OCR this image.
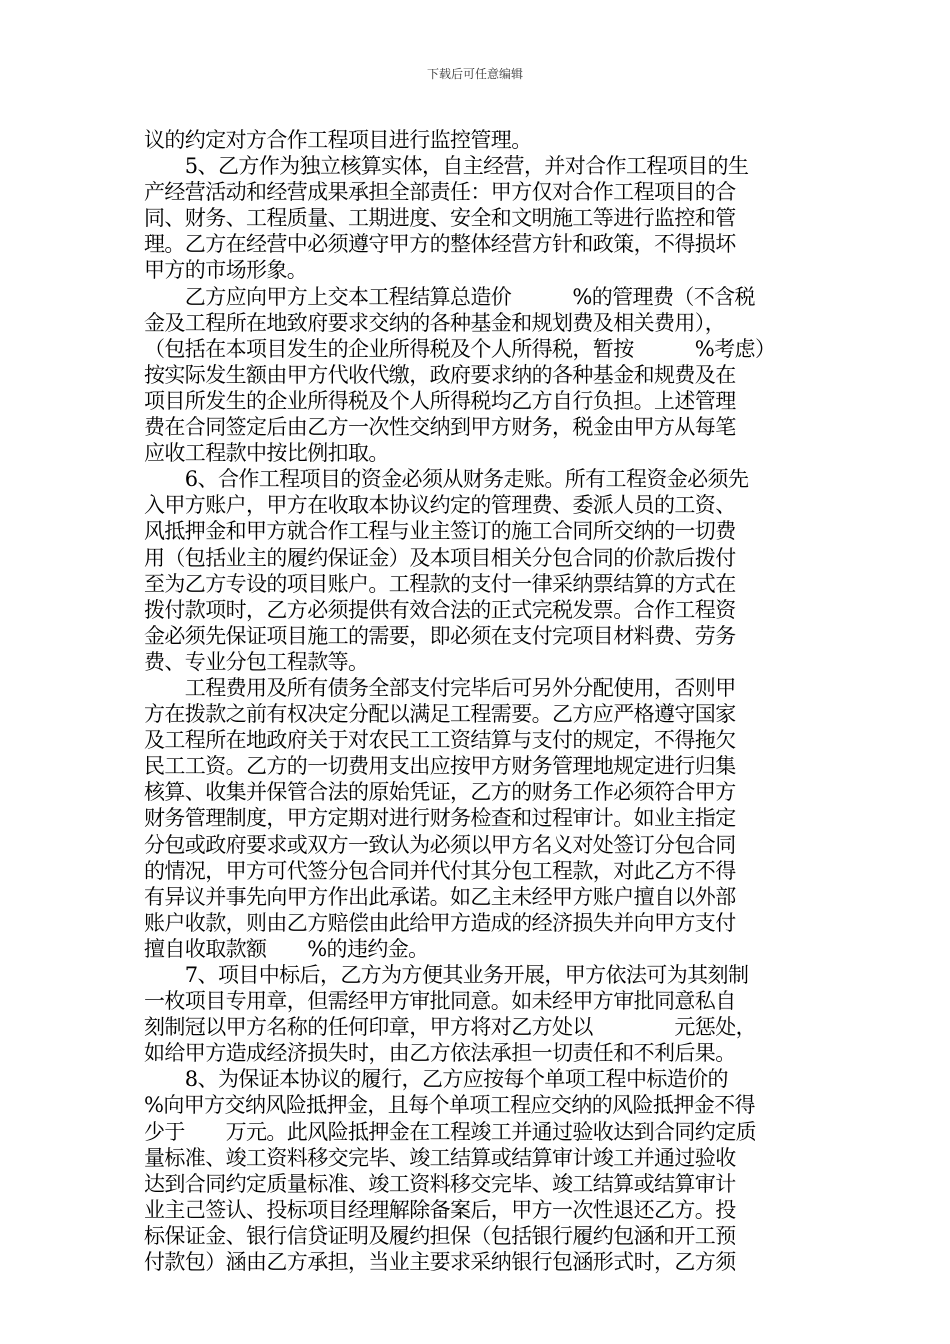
下载后可任意编辑
议的约定对方合作工程项目进行监控管理。
　　5、乙方作为独立核算实体，自主经营，并对合作工程项目的生
产经营活动和经营成果承担全部责任：甲方仅对合作工程项目的合
同、财务、工程质量、工期进度、安全和文明施工等进行监控和管
理。乙方在经营中必须遵守甲方的整体经营方针和政策，不得损坏
甲方的市场形象。
　　乙方应向甲方上交本工程结算总造价　　　%的管理费（不含税
金及工程所在地致府要求交纳的各种基金和规划费及相关费用），
（包括在本项目发生的企业所得税及个人所得税，暂按　　　%考虑）
按实际发生额由甲方代收代缴，政府要求纳的各种基金和规费及在
项目所发生的企业所得税及个人所得税均乙方自行负担。上述管理
费在合同签定后由乙方一次性交纳到甲方财务，税金由甲方从每笔
应收工程款中按比例扣取。
　　6、合作工程项目的资金必须从财务走账。所有工程资金必须先
入甲方账户，甲方在收取本协议约定的管理费、委派人员的工资、
风抵押金和甲方就合作工程与业主签订的施工合同所交纳的一切费
用（包括业主的履约保证金）及本项目相关分包合同的价款后拨付
至为乙方专设的项目账户。工程款的支付一律采纳票结算的方式在
拨付款项时，乙方必须提供有效合法的正式完税发票。合作工程资
金必须先保证项目施工的需要，即必须在支付完项目材料费、劳务
费、专业分包工程款等。
　　工程费用及所有债务全部支付完毕后可另外分配使用，否则甲
方在拨款之前有权决定分配以满足工程需要。乙方应严格遵守国家
及工程所在地政府关于对农民工工资结算与支付的规定，不得拖欠
民工工资。乙方的一切费用支出应按甲方财务管理地规定进行归集
核算、收集并保管合法的原始凭证，乙方的财务工作必须符合甲方
财务管理制度，甲方定期对进行财务检查和过程审计。如业主指定
分包或政府要求或双方一致认为必须以甲方名义对处签订分包合同
的情况，甲方可代签分包合同并代付其分包工程款，对此乙方不得
有异议并事先向甲方作出此承诺。如乙主未经甲方账户擅自以外部
账户收款，则由乙方赔偿由此给甲方造成的经济损失并向甲方支付
擅自收取款额　　%的违约金。
　　7、项目中标后，乙方为方便其业务开展，甲方依法可为其刻制
一枚项目专用章，但需经甲方审批同意。如未经甲方审批同意私自
刻制冠以甲方名称的任何印章，甲方将对乙方处以　　　　元惩处，
如给甲方造成经济损失时，由乙方依法承担一切责任和不利后果。
　　8、为保证本协议的履行，乙方应按每个单项工程中标造价的
%向甲方交纳风险抵押金，且每个单项工程应交纳的风险抵押金不得
少于　　万元。此风险抵押金在工程竣工并通过验收达到合同约定质
量标准、竣工资料移交完毕、竣工结算或结算审计竣工并通过验收
达到合同约定质量标准、竣工资料移交完毕、竣工结算或结算审计
业主己签认、投标项目经理解除备案后，甲方一次性退还乙方。投
标保证金、银行信贷证明及履约担保（包括银行履约包涵和开工预
付款包）涵由乙方承担，当业主要求采纳银行包涵形式时，乙方须
